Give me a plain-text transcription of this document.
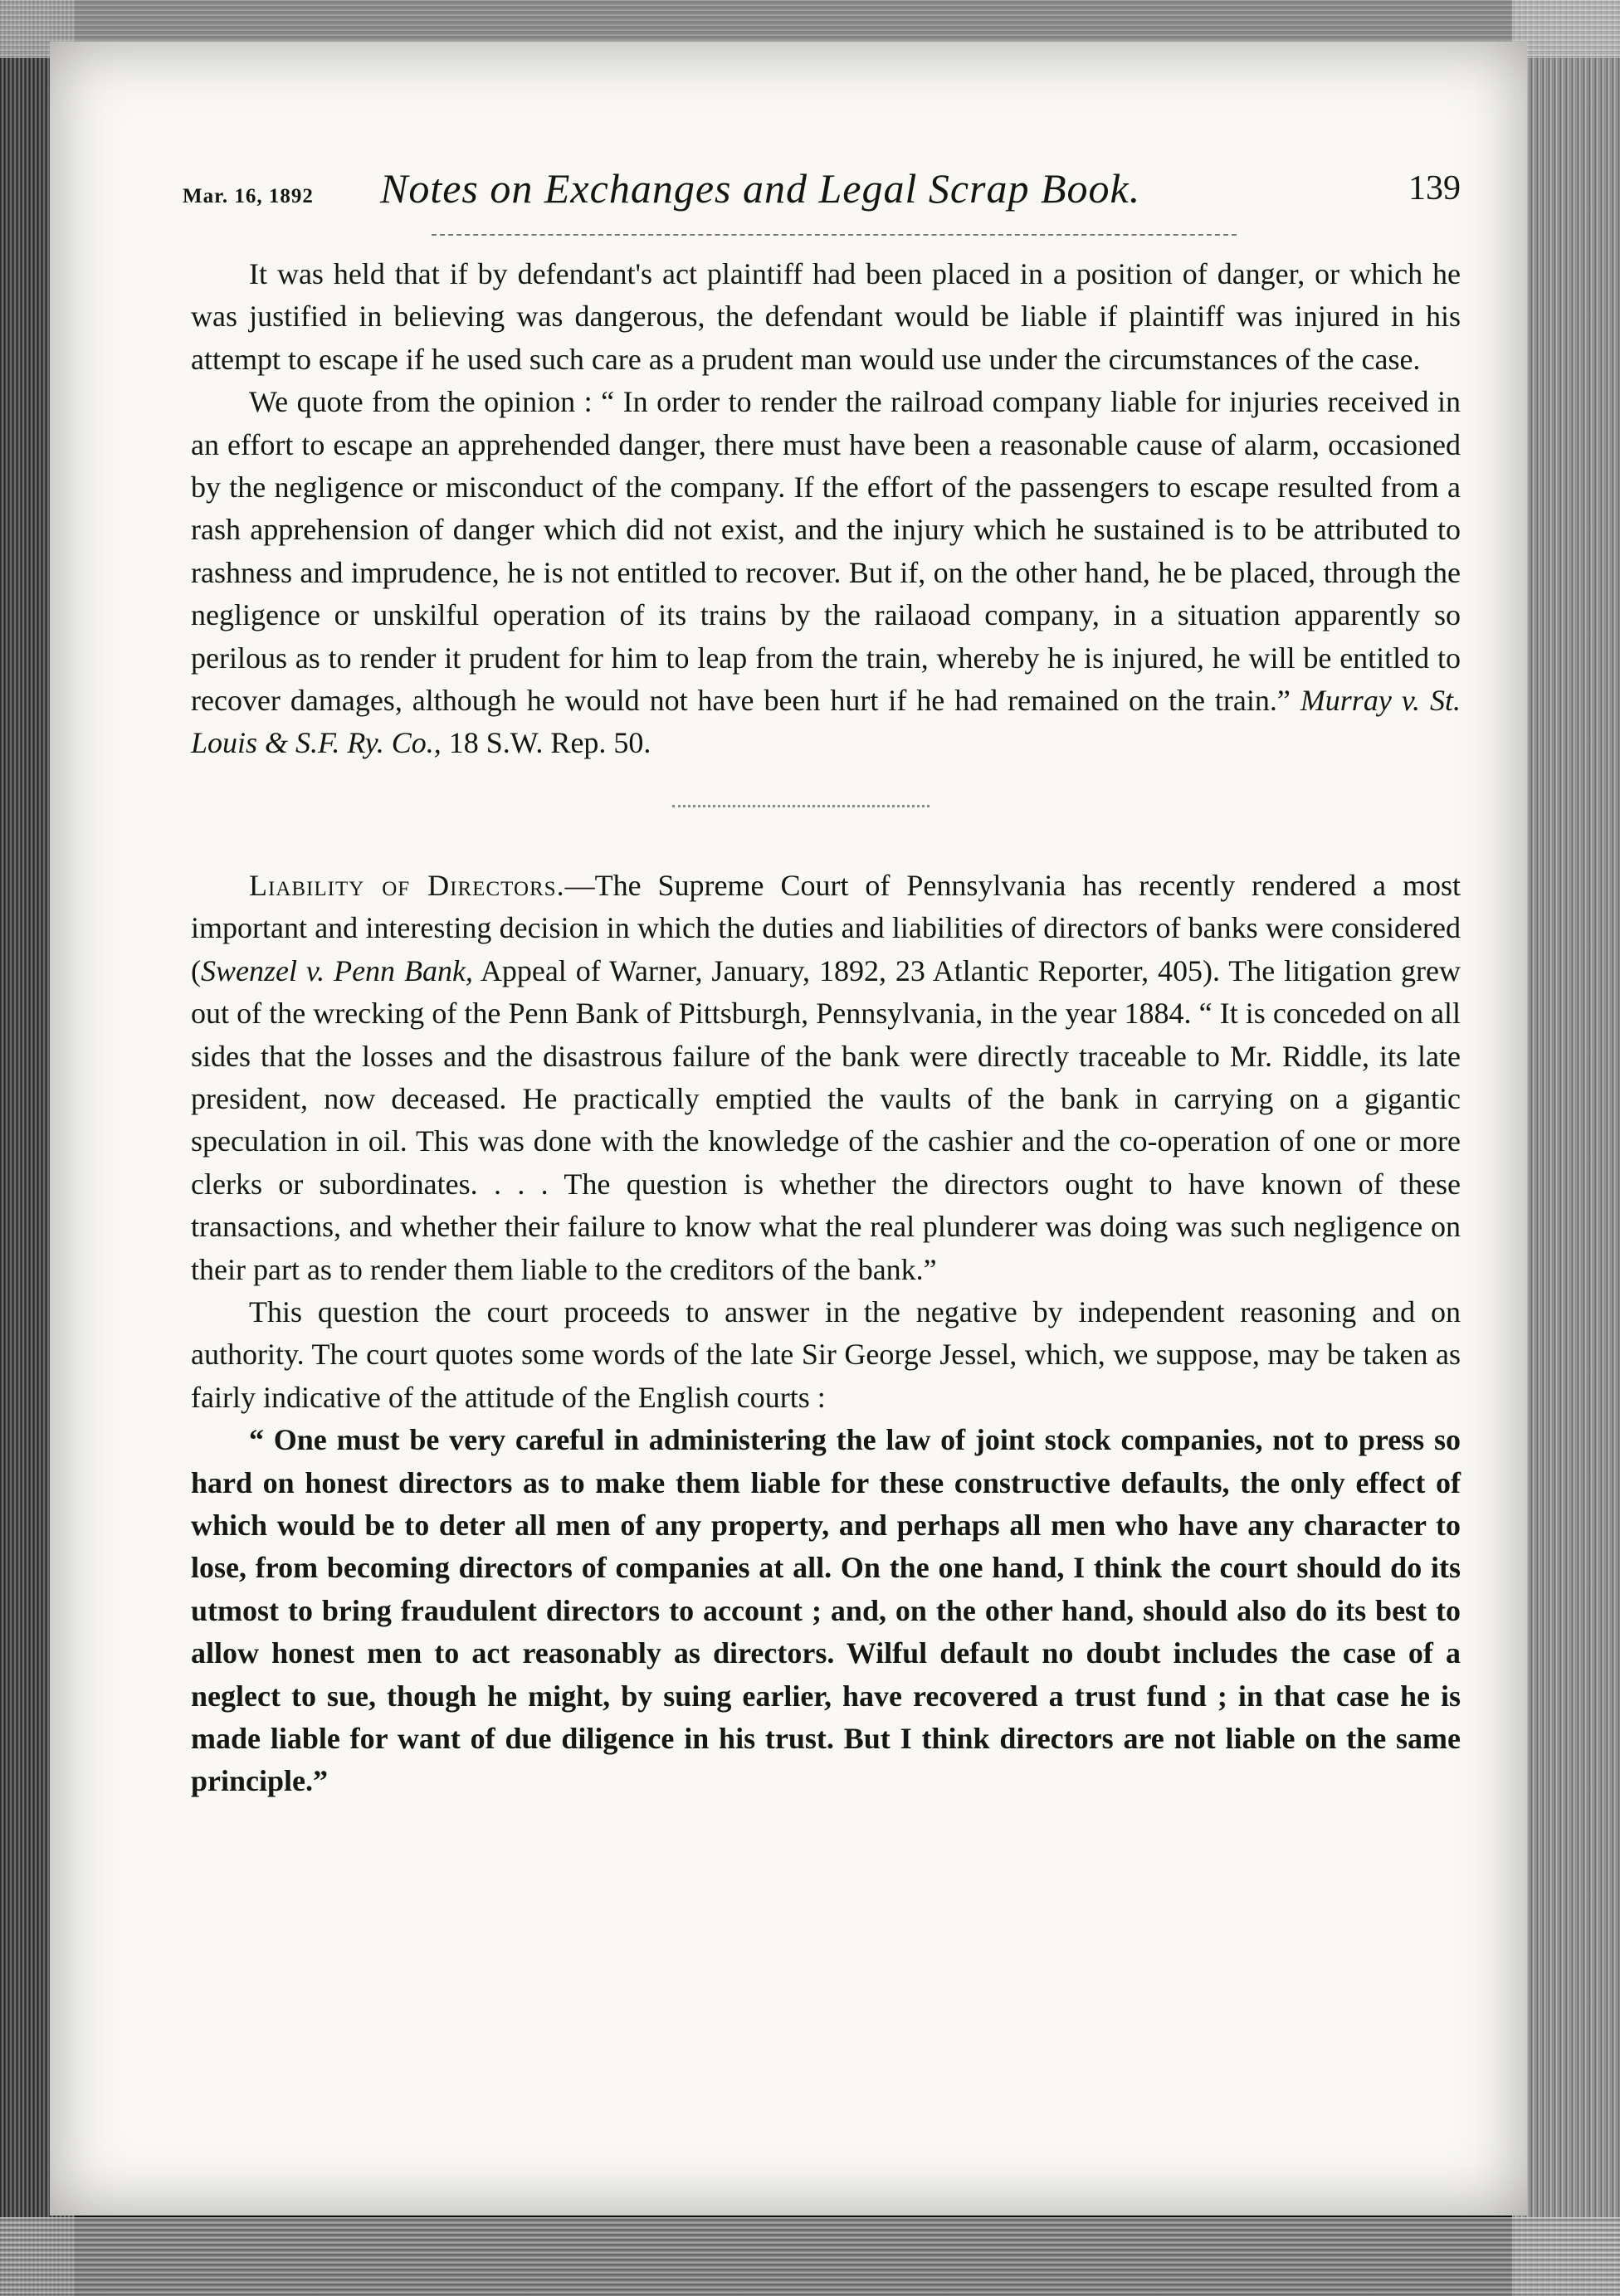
Mar. 16, 1892 Notes on Exchanges and Legal Scrap Book.	139

It was held that if by defendant's act plaintiff had been placed in a position of danger, or which he was justified in believing was dangerous, the defendant would be liable if plaintiff was injured in his attempt to escape if he used such care as a prudent man would use under the circumstances of the case.

We quote from the opinion : “ In order to render the railroad company liable for injuries received in an effort to escape an apprehended danger, there must have been a reasonable cause of alarm, occasioned by the negligence or misconduct of the company. If the effort of the passengers to escape resulted from a rash apprehension of danger which did not exist, and the injury which he sustained is to be attributed to rashness and imprudence, he is not entitled to recover. But if, on the other hand, he be placed, through the negligence or unskilful operation of its trains by the railaoad company, in a situation apparently so perilous as to render it prudent for him to leap from the train, whereby he is injured, he will be entitled to recover damages, although he would not have been hurt if he had remained on the train.” Murray v. St. Louis & S.F. Ry. Co., 18 S.W. Rep. 50.

Liability of Directors.—The Supreme Court of Pennsylvania has recently rendered a most important and interesting decision in which the duties and liabilities of directors of banks were considered (Swenzel v. Penn Bank, Appeal of Warner, January, 1892, 23 Atlantic Reporter, 405). The litigation grew out of the wrecking of the Penn Bank of Pittsburgh, Pennsylvania, in the year 1884. “ It is conceded on all sides that the losses and the disastrous failure of the bank were directly traceable to Mr. Riddle, its late president, now deceased. He practically emptied the vaults of the bank in carrying on a gigantic speculation in oil. This was done with the knowledge of the cashier and the co-operation of one or more clerks or subordinates. . . . The question is whether the directors ought to have known of these transactions, and whether their failure to know what the real plunderer was doing was such negligence on their part as to render them liable to the creditors of the bank.”

This question the court proceeds to answer in the negative by independent reasoning and on authority. The court quotes some words of the late Sir George Jessel, which, we suppose, may be taken as fairly indicative of the attitude of the English courts :

“ One must be very careful in administering the law of joint stock companies, not to press so hard on honest directors as to make them liable for these constructive defaults, the only effect of which would be to deter all men of any property, and perhaps all men who have any character to lose, from becoming directors of companies at all. On the one hand, I think the court should do its utmost to bring fraudulent directors to account ; and, on the other hand, should also do its best to allow honest men to act reasonably as directors. Wilful default no doubt includes the case of a neglect to sue, though he might, by suing earlier, have recovered a trust fund ; in that case he is made liable for want of due diligence in his trust. But I think directors are not liable on the same principle.”
